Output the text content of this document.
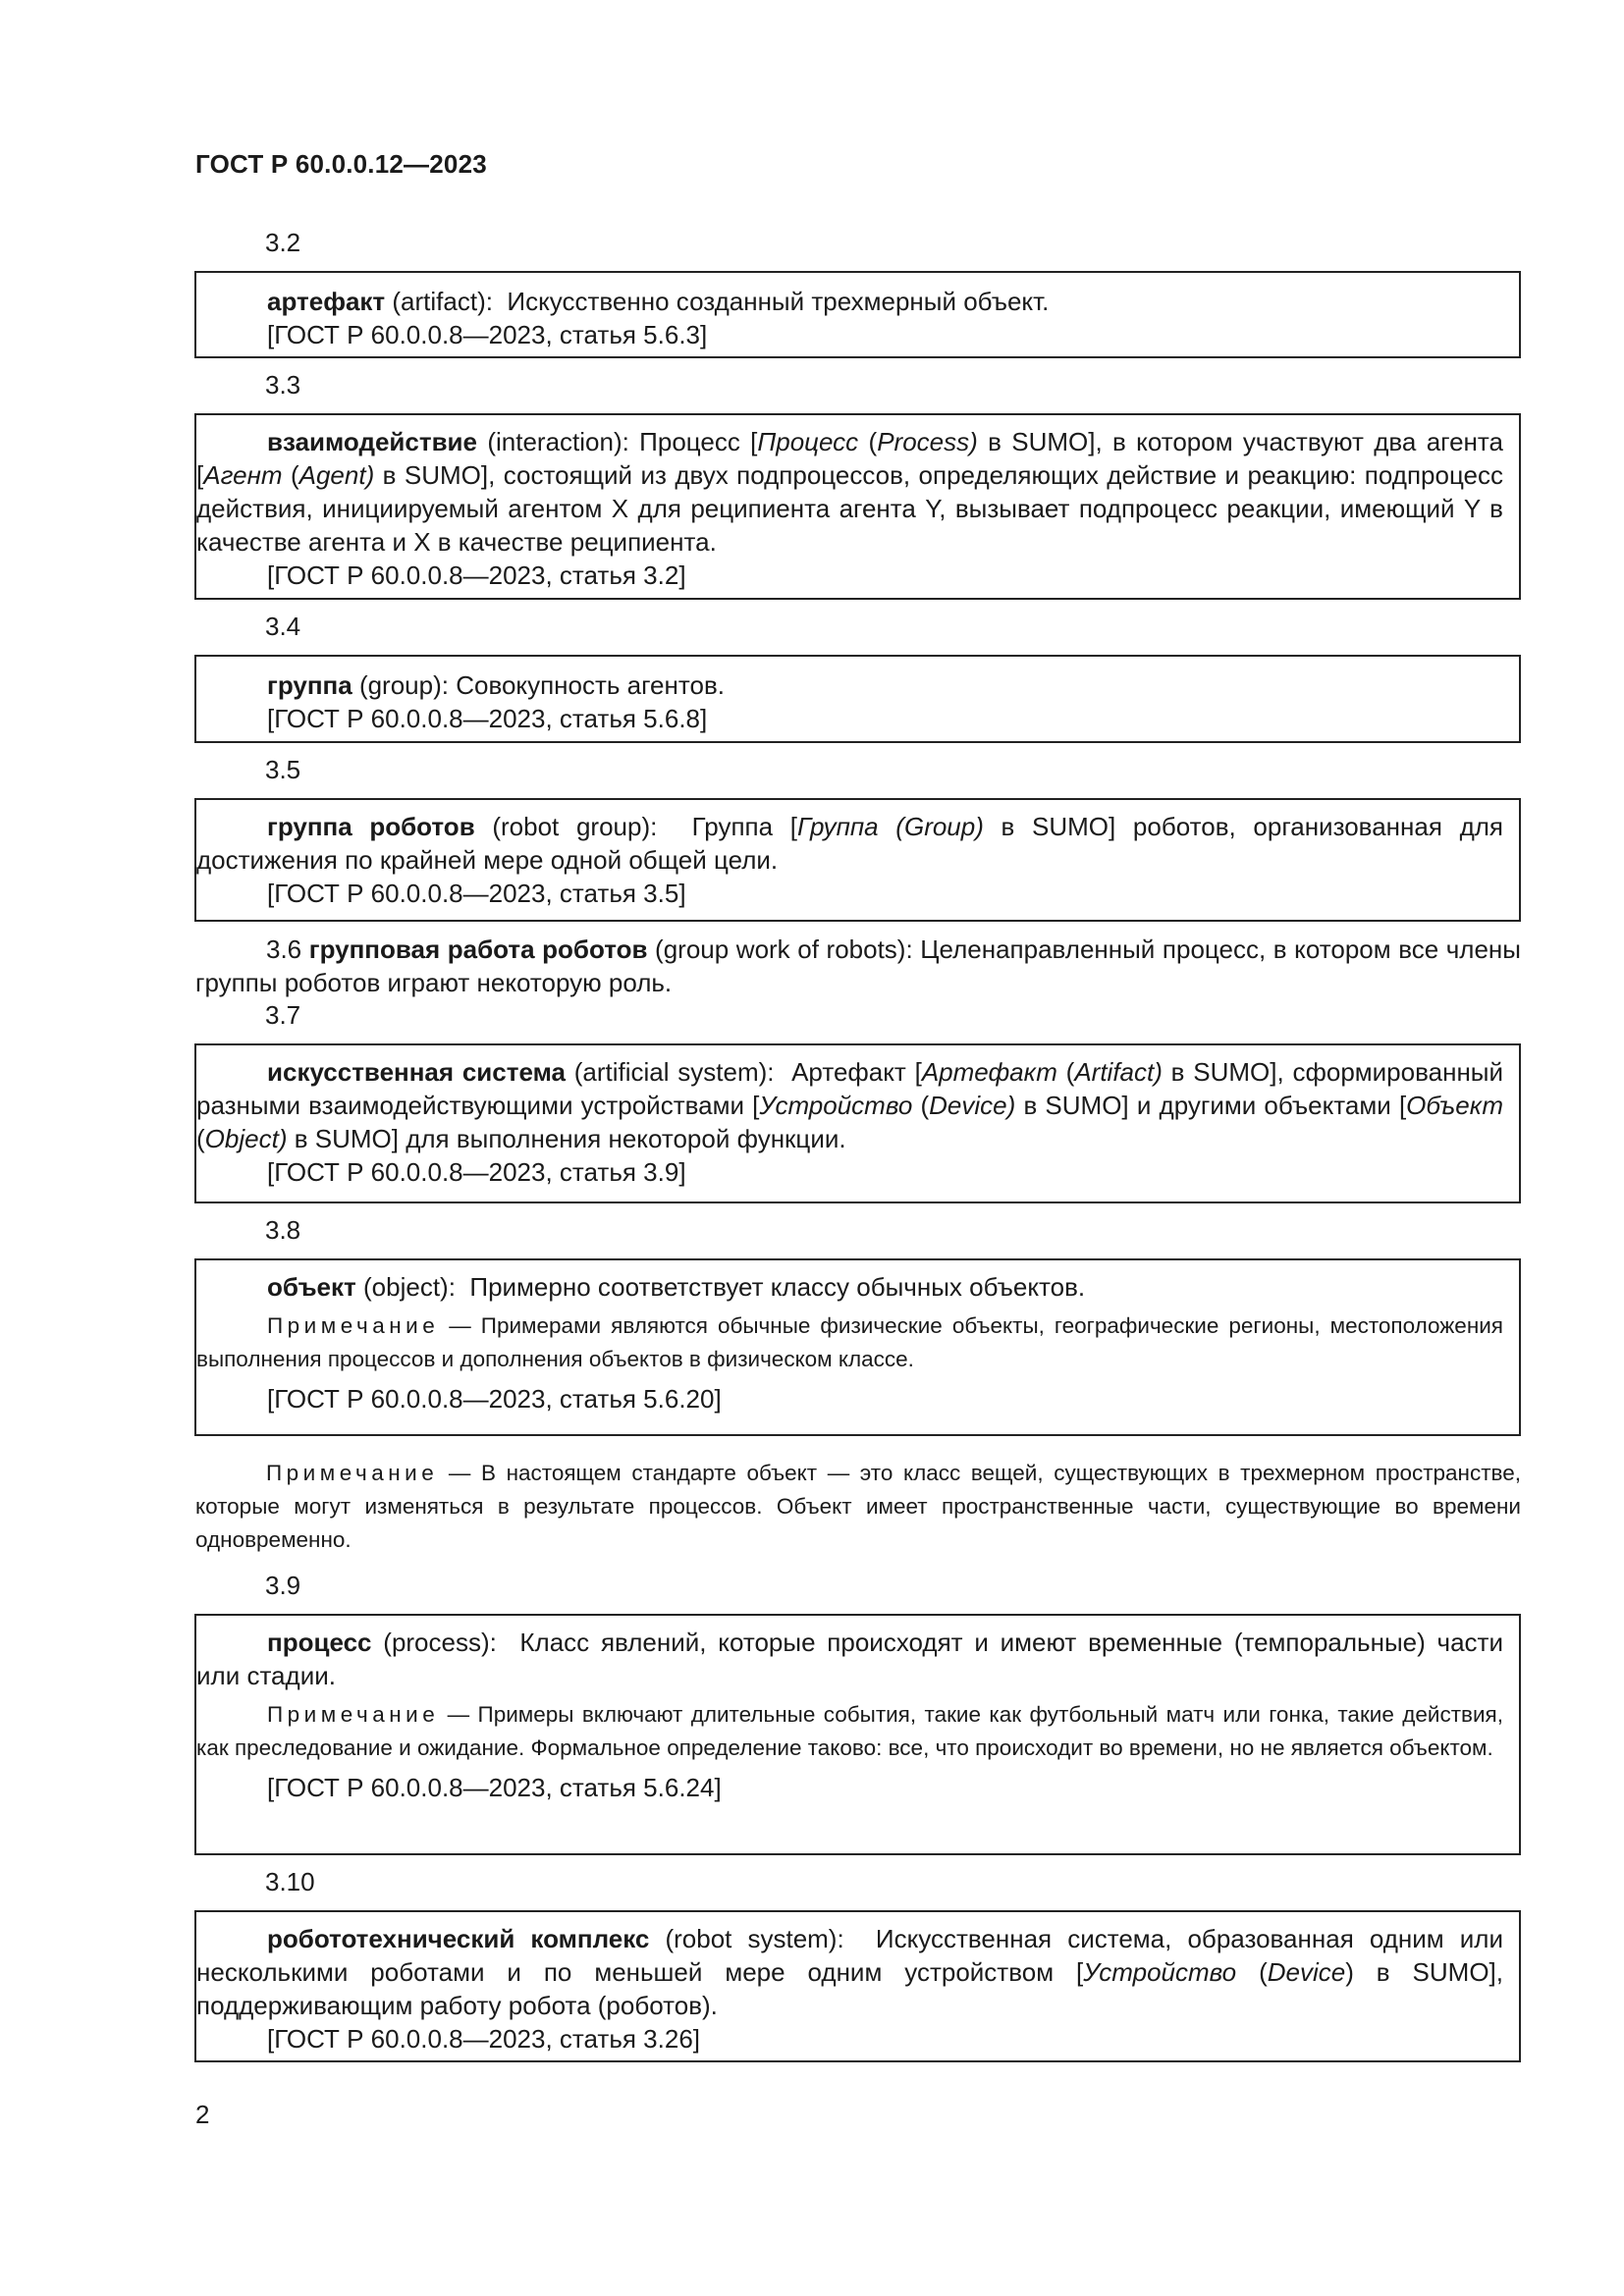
ГОСТ Р 60.0.0.12—2023
3.2

артефакт (artifact): Искусственно созданный трехмерный объект.

[ГОСТ Р 60.0.0.8—2023, статья 5.6.3]

3.3

взаимодействие (interaction): Процесс [Процесс (Process) в SUMO], в котором участвуют два агента [Агент (Agent) в SUMO], состоящий из двух подпроцессов, определяющих действие и реакцию: подпроцесс действия, инициируемый агентом X для реципиента агента Y, вызывает подпроцесс реакции, имеющий Y в качестве агента и X в качестве реципиента.

[ГОСТ Р 60.0.0.8—2023, статья 3.2]

3.4

группа (group): Совокупность агентов.

[ГОСТ Р 60.0.0.8—2023, статья 5.6.8]

3.5

группа роботов (robot group): Группа [Группа (Group) в SUMO] роботов, организованная для достижения по крайней мере одной общей цели.

[ГОСТ Р 60.0.0.8—2023, статья 3.5]

3.6 групповая работа роботов (group work of robots): Целенаправленный процесс, в котором все члены группы роботов играют некоторую роль.

3.7

искусственная система (artificial system): Артефакт [Артефакт (Artifact) в SUMO], сформированный разными взаимодействующими устройствами [Устройство (Device) в SUMO] и другими объектами [Объект (Object) в SUMO] для выполнения некоторой функции.

[ГОСТ Р 60.0.0.8—2023, статья 3.9]

3.8

объект (object): Примерно соответствует классу обычных объектов.

Примечание — Примерами являются обычные физические объекты, географические регионы, местоположения выполнения процессов и дополнения объектов в физическом классе.

[ГОСТ Р 60.0.0.8—2023, статья 5.6.20]

Примечание — В настоящем стандарте объект — это класс вещей, существующих в трехмерном пространстве, которые могут изменяться в результате процессов. Объект имеет пространственные части, существующие во времени одновременно.

3.9

процесс (process): Класс явлений, которые происходят и имеют временные (темпоральные) части или стадии.

Примечание — Примеры включают длительные события, такие как футбольный матч или гонка, такие действия, как преследование и ожидание. Формальное определение таково: все, что происходит во времени, но не является объектом.

[ГОСТ Р 60.0.0.8—2023, статья 5.6.24]

3.10

робототехнический комплекс (robot system): Искусственная система, образованная одним или несколькими роботами и по меньшей мере одним устройством [Устройство (Device) в SUMO], поддерживающим работу робота (роботов).

[ГОСТ Р 60.0.0.8—2023, статья 3.26]

2
